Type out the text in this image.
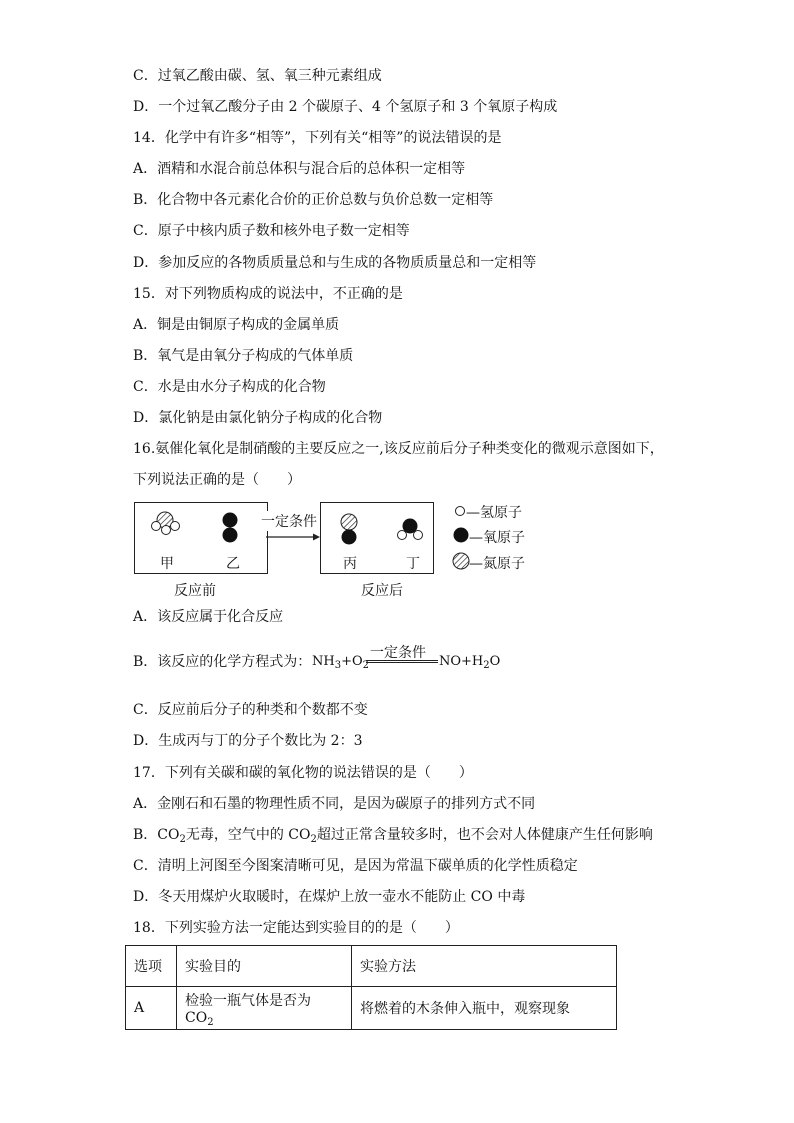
C．过氧乙酸由碳、氢、氧三种元素组成
D．一个过氧乙酸分子由 2 个碳原子、4 个氢原子和 3 个氧原子构成
14．化学中有许多“相等”，下列有关“相等”的说法错误的是
A．酒精和水混合前总体积与混合后的总体积一定相等
B．化合物中各元素化合价的正价总数与负价总数一定相等
C．原子中核内质子数和核外电子数一定相等
D．参加反应的各物质质量总和与生成的各物质质量总和一定相等
15．对下列物质构成的说法中，不正确的是
A．铜是由铜原子构成的金属单质
B．氧气是由氧分子构成的气体单质
C．水是由水分子构成的化合物
D．氯化钠是由氯化钠分子构成的化合物
16.氨催化氧化是制硝酸的主要反应之一,该反应前后分子种类变化的微观示意图如下，
下列说法正确的是（　　）
一定条件
甲	乙	丙	丁
反应前	反应后
—氢原子
—氧原子
—氮原子
A．该反应属于化合反应
B．该反应的化学方程式为： $NH_3+O_2$
一定条件
$NO+H_2O$
C．反应前后分子的种类和个数都不变
D．生成丙与丁的分子个数比为 2：3
17．下列有关碳和碳的氧化物的说法错误的是（　　）
A．金刚石和石墨的物理性质不同，是因为碳原子的排列方式不同
B．$CO_2$无毒，空气中的 $CO_2$超过正常含量较多时，也不会对人体健康产生任何影响
C．清明上河图至今图案清晰可见，是因为常温下碳单质的化学性质稳定
D．冬天用煤炉火取暖时，在煤炉上放一壶水不能防止 CO 中毒
18．下列实验方法一定能达到实验目的的是（　　）
选项	实验目的	实验方法
A	检验一瓶气体是否为 $CO_2$	将燃着的木条伸入瓶中，观察现象
